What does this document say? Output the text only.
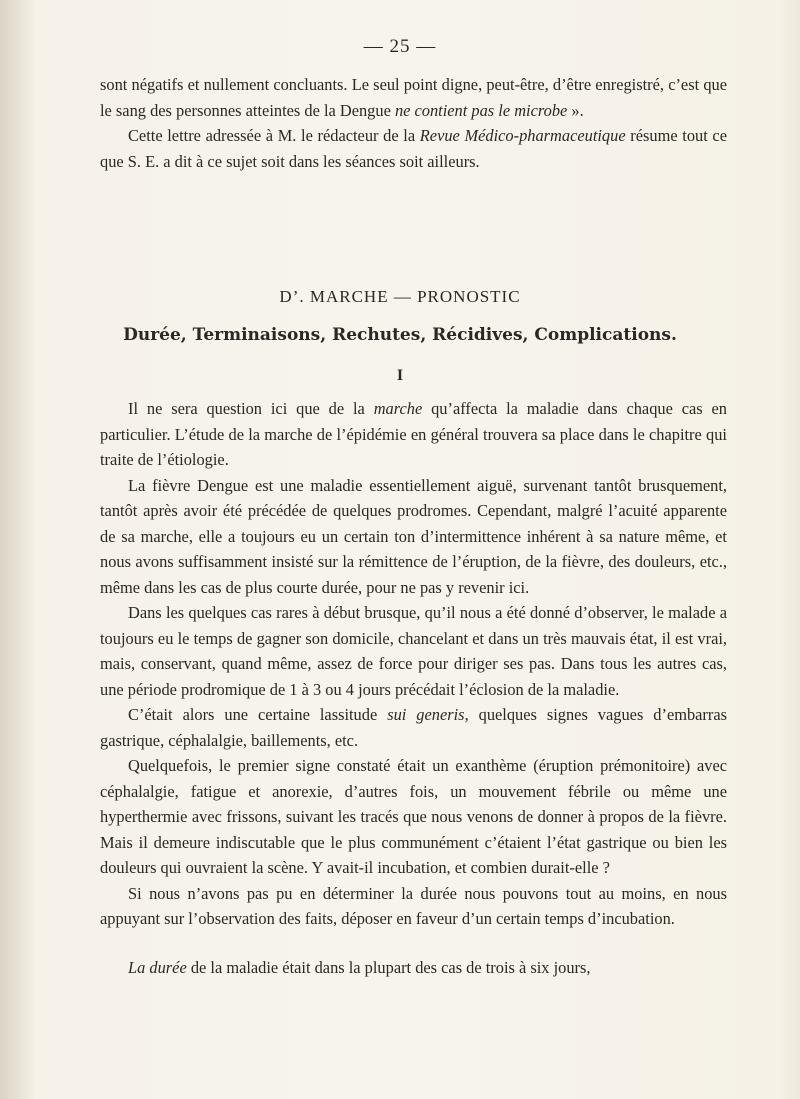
— 25 —

sont négatifs et nullement concluants. Le seul point digne, peut-être, d’être enregistré, c’est que le sang des personnes atteintes de la Dengue ne contient pas le microbe ».

Cette lettre adressée à M. le rédacteur de la Revue Médico-pharmaceutique résume tout ce que S. E. a dit à ce sujet soit dans les séances soit ailleurs.

D’. MARCHE — PRONOSTIC
Durée, Terminaisons, Rechutes, Récidives, Complications.
I

Il ne sera question ici que de la marche qu’affecta la maladie dans chaque cas en particulier. L’étude de la marche de l’épidémie en général trouvera sa place dans le chapitre qui traite de l’étiologie.

La fièvre Dengue est une maladie essentiellement aiguë, survenant tantôt brusquement, tantôt après avoir été précédée de quelques prodromes. Cependant, malgré l’acuité apparente de sa marche, elle a toujours eu un certain ton d’intermittence inhérent à sa nature même, et nous avons suffisamment insisté sur la rémittence de l’éruption, de la fièvre, des douleurs, etc., même dans les cas de plus courte durée, pour ne pas y revenir ici.

Dans les quelques cas rares à début brusque, qu’il nous a été donné d’observer, le malade a toujours eu le temps de gagner son domicile, chancelant et dans un très mauvais état, il est vrai, mais, conservant, quand même, assez de force pour diriger ses pas. Dans tous les autres cas, une période prodromique de 1 à 3 ou 4 jours précédait l’éclosion de la maladie.

C’était alors une certaine lassitude sui generis, quelques signes vagues d’embarras gastrique, céphalalgie, baillements, etc.

Quelquefois, le premier signe constaté était un exanthème (éruption prémonitoire) avec céphalalgie, fatigue et anorexie, d’autres fois, un mouvement fébrile ou même une hyperthermie avec frissons, suivant les tracés que nous venons de donner à propos de la fièvre. Mais il demeure indiscutable que le plus communément c’étaient l’état gastrique ou bien les douleurs qui ouvraient la scène. Y avait-il incubation, et combien durait-elle ?

Si nous n’avons pas pu en déterminer la durée nous pouvons tout au moins, en nous appuyant sur l’observation des faits, déposer en faveur d’un certain temps d’incubation.

La durée de la maladie était dans la plupart des cas de trois à six jours,
